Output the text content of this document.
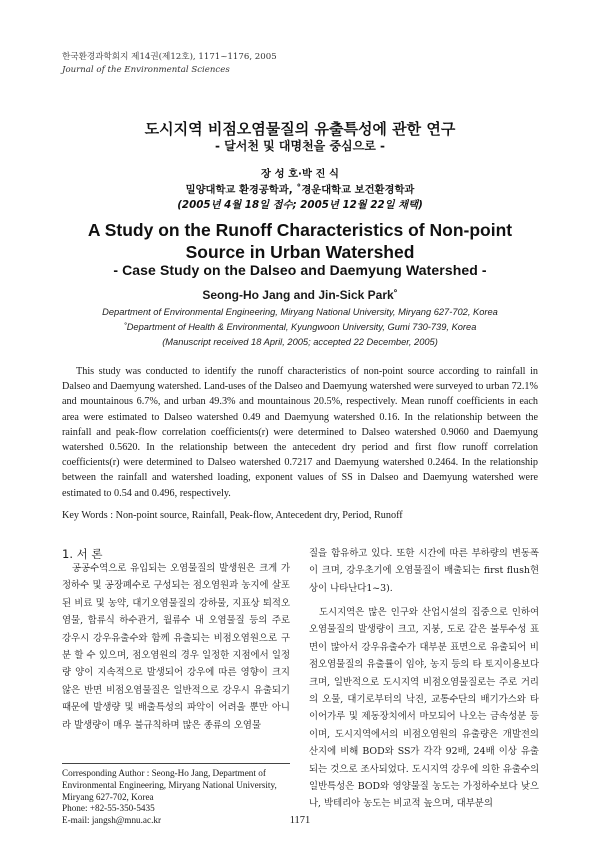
한국환경과학회지 제14권(제12호), 1171~1176, 2005
Journal of the Environmental Sciences
도시지역 비점오염물질의 유출특성에 관한 연구
- 달서천 및 대명천을 중심으로 -
장 성 호·박 진 식
밀양대학교 환경공학과, ˚경운대학교 보건환경학과
(2005년 4월 18일 접수; 2005년 12월 22일 채택)
A Study on the Runoff Characteristics of Non-point
Source in Urban Watershed
- Case Study on the Dalseo and Daemyung Watershed -
Seong-Ho Jang and Jin-Sick Park˚
Department of Environmental Engineering, Miryang National University, Miryang 627-702, Korea
˚Department of Health & Environmental, Kyungwoon University, Gumi 730-739, Korea
(Manuscript received 18 April, 2005; accepted 22 December, 2005)

This study was conducted to identify the runoff characteristics of non-point source according to rainfall in Dalseo and Daemyung watershed. Land-uses of the Dalseo and Daemyung watershed were surveyed to urban 72.1% and mountainous 6.7%, and urban 49.3% and mountainous 20.5%, respectively. Mean runoff coefficients in each area were estimated to Dalseo watershed 0.49 and Daemyung watershed 0.16. In the relationship between the rainfall and peak-flow correlation coefficients(r) were determined to Dalseo watershed 0.9060 and Daemyung watershed 0.5620. In the relationship between the antecedent dry period and first flow runoff correlation coefficients(r) were determined to Dalseo watershed 0.7217 and Daemyung watershed 0.2464. In the relationship between the rainfall and watershed loading, exponent values of SS in Dalseo and Daemyung watershed were estimated to 0.54 and 0.496, respectively.

Key Words : Non-point source, Rainfall, Peak-flow, Antecedent dry, Period, Runoff
1. 서 론

공공수역으로 유입되는 오염물질의 발생원은 크게 가정하수 및 공장폐수로 구성되는 점오염원과 농지에 살포된 비료 및 농약, 대기오염물질의 강하물, 지표상 퇴적오염물, 합류식 하수관거, 월류수 내 오염물질 등의 주로 강우시 강우유출수와 함께 유출되는 비점오염원으로 구분 할 수 있으며, 점오염원의 경우 일정한 지점에서 일정량 양이 지속적으로 발생되어 강우에 따른 영향이 크지 않은 반면 비점오염물질은 일반적으로 강우시 유출되기 때문에 발생량 및 배출특성의 파악이 어려울 뿐만 아니라 발생량이 매우 불규칙하며 많은 종류의 오염물

질을 함유하고 있다. 또한 시간에 따른 부하량의 변동폭이 크며, 강우초기에 오염물질이 배출되는 first flush현상이 나타난다1~3).

도시지역은 많은 인구와 산업시설의 집중으로 인하여 오염물질의 발생량이 크고, 지붕, 도로 같은 불투수성 표면이 많아서 강우유출수가 대부분 표면으로 유출되어 비점오염물질의 유출률이 임야, 농지 등의 타 토지이용보다 크며, 일반적으로 도시지역 비점오염물질로는 주로 거리의 오물, 대기로부터의 낙진, 교통수단의 배기가스와 타이어가루 및 제동장치에서 마모되어 나오는 금속성분 등이며, 도시지역에서의 비점오염원의 유출량은 개발전의 산지에 비해 BOD와 SS가 각각 92배, 24배 이상 유출되는 것으로 조사되었다. 도시지역 강우에 의한 유출수의 일반특성은 BOD와 영양물질 농도는 가정하수보다 낮으나, 박테리아 농도는 비교적 높으며, 대부분의

Corresponding Author : Seong-Ho Jang, Department of Environmental Engineering, Miryang National University, Miryang 627-702, Korea
Phone: +82-55-350-5435
E-mail: jangsh@mnu.ac.kr	1171
